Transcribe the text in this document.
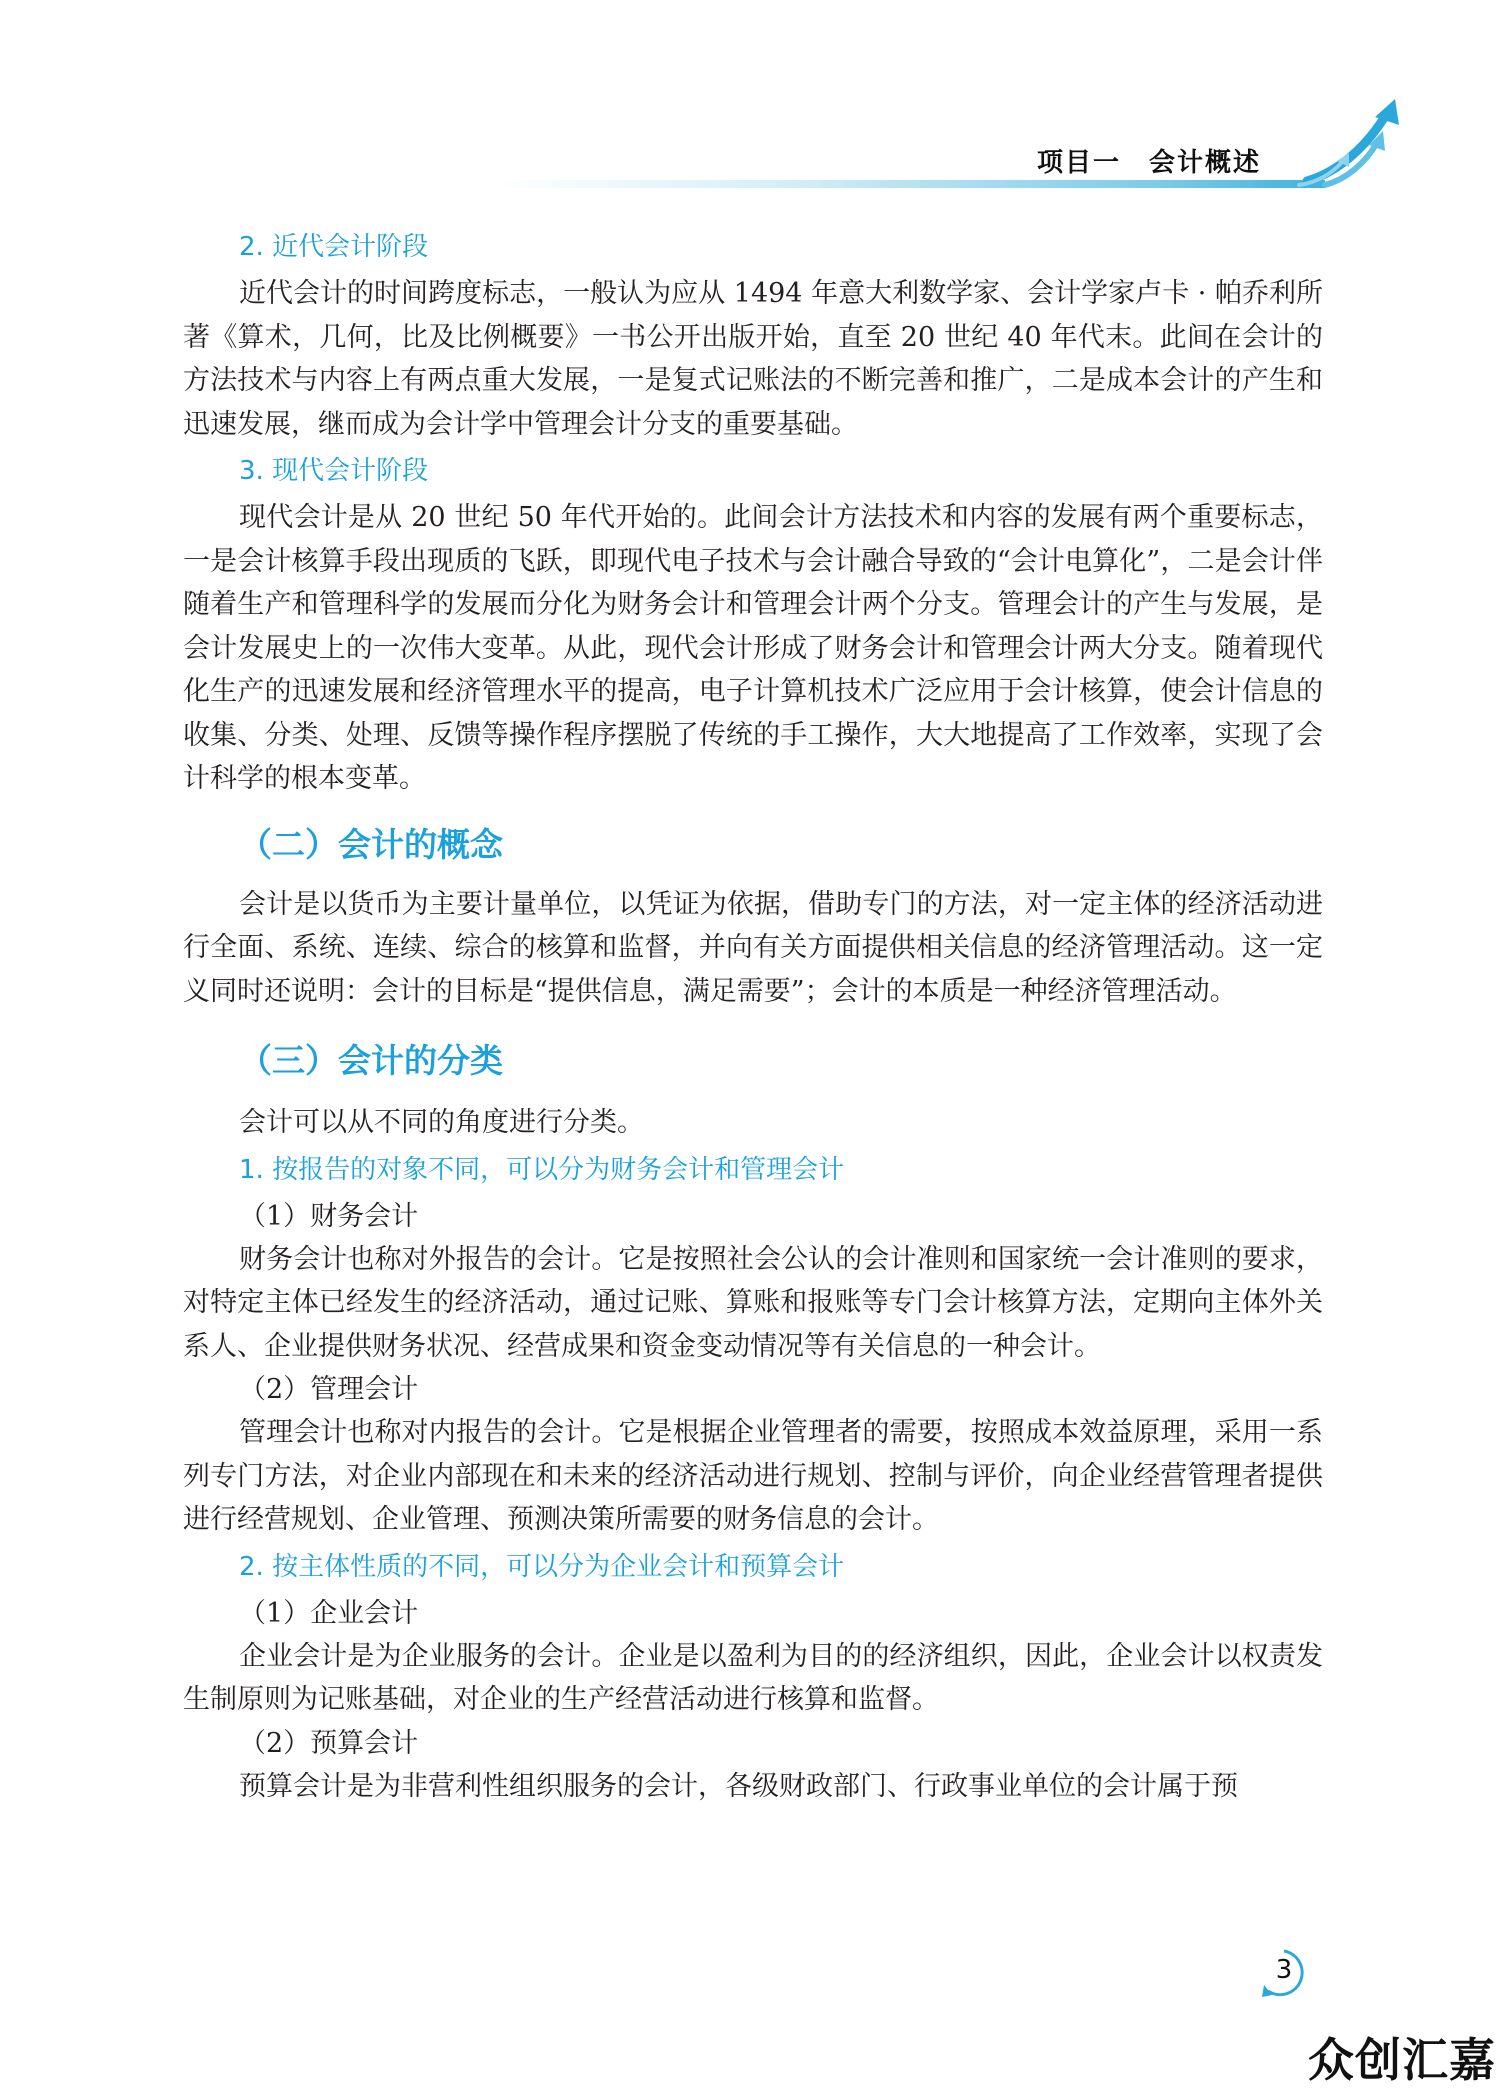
项目一 会计概述
2. 近代会计阶段

近代会计的时间跨度标志，一般认为应从 1494 年意大利数学家、会计学家卢卡 · 帕乔利所著《算术，几何，比及比例概要》一书公开出版开始，直至 20 世纪 40 年代末。此间在会计的方法技术与内容上有两点重大发展，一是复式记账法的不断完善和推广，二是成本会计的产生和迅速发展，继而成为会计学中管理会计分支的重要基础。

3. 现代会计阶段

现代会计是从 20 世纪 50 年代开始的。此间会计方法技术和内容的发展有两个重要标志，一是会计核算手段出现质的飞跃，即现代电子技术与会计融合导致的“会计电算化”，二是会计伴随着生产和管理科学的发展而分化为财务会计和管理会计两个分支。管理会计的产生与发展，是会计发展史上的一次伟大变革。从此，现代会计形成了财务会计和管理会计两大分支。随着现代化生产的迅速发展和经济管理水平的提高，电子计算机技术广泛应用于会计核算，使会计信息的收集、分类、处理、反馈等操作程序摆脱了传统的手工操作，大大地提高了工作效率，实现了会计科学的根本变革。

（二）会计的概念

会计是以货币为主要计量单位，以凭证为依据，借助专门的方法，对一定主体的经济活动进行全面、系统、连续、综合的核算和监督，并向有关方面提供相关信息的经济管理活动。这一定义同时还说明：会计的目标是“提供信息，满足需要”；会计的本质是一种经济管理活动。

（三）会计的分类

会计可以从不同的角度进行分类。

1. 按报告的对象不同，可以分为财务会计和管理会计
（1）财务会计

财务会计也称对外报告的会计。它是按照社会公认的会计准则和国家统一会计准则的要求，对特定主体已经发生的经济活动，通过记账、算账和报账等专门会计核算方法，定期向主体外关系人、企业提供财务状况、经营成果和资金变动情况等有关信息的一种会计。

（2）管理会计

管理会计也称对内报告的会计。它是根据企业管理者的需要，按照成本效益原理，采用一系列专门方法，对企业内部现在和未来的经济活动进行规划、控制与评价，向企业经营管理者提供进行经营规划、企业管理、预测决策所需要的财务信息的会计。

2. 按主体性质的不同，可以分为企业会计和预算会计
（1）企业会计

企业会计是为企业服务的会计。企业是以盈利为目的的经济组织，因此，企业会计以权责发生制原则为记账基础，对企业的生产经营活动进行核算和监督。

（2）预算会计

预算会计是为非营利性组织服务的会计，各级财政部门、行政事业单位的会计属于预

3
众创汇嘉
